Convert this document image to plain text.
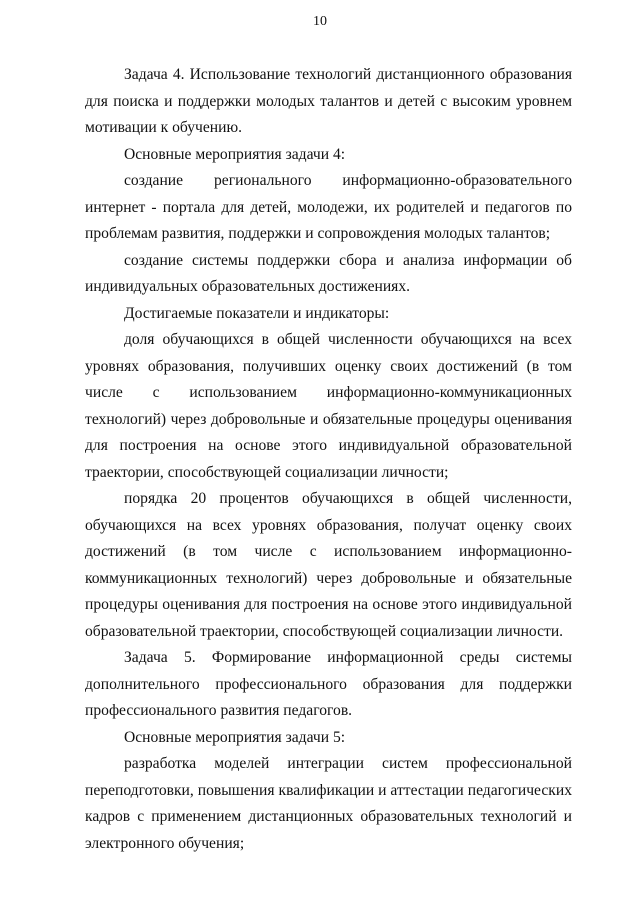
10

Задача 4. Использование технологий дистанционного образования для поиска и поддержки молодых талантов и детей с высоким уровнем мотивации к обучению.

Основные мероприятия задачи 4:

создание регионального информационно-образовательного интернет - портала для детей, молодежи, их родителей и педагогов по проблемам развития, поддержки и сопровождения молодых талантов;

создание системы поддержки сбора и анализа информации об индивидуальных образовательных достижениях.

Достигаемые показатели и индикаторы:

доля обучающихся в общей численности обучающихся на всех уровнях образования, получивших оценку своих достижений (в том числе с использованием информационно-коммуникационных технологий) через добровольные и обязательные процедуры оценивания для построения на основе этого индивидуальной образовательной траектории, способствующей социализации личности;

порядка 20 процентов обучающихся в общей численности, обучающихся на всех уровнях образования, получат оценку своих достижений (в том числе с использованием информационно-коммуникационных технологий) через добровольные и обязательные процедуры оценивания для построения на основе этого индивидуальной образовательной траектории, способствующей социализации личности.

Задача 5. Формирование информационной среды системы дополнительного профессионального образования для поддержки профессионального развития педагогов.

Основные мероприятия задачи 5:

разработка моделей интеграции систем профессиональной переподготовки, повышения квалификации и аттестации педагогических кадров с применением дистанционных образовательных технологий и электронного обучения;
